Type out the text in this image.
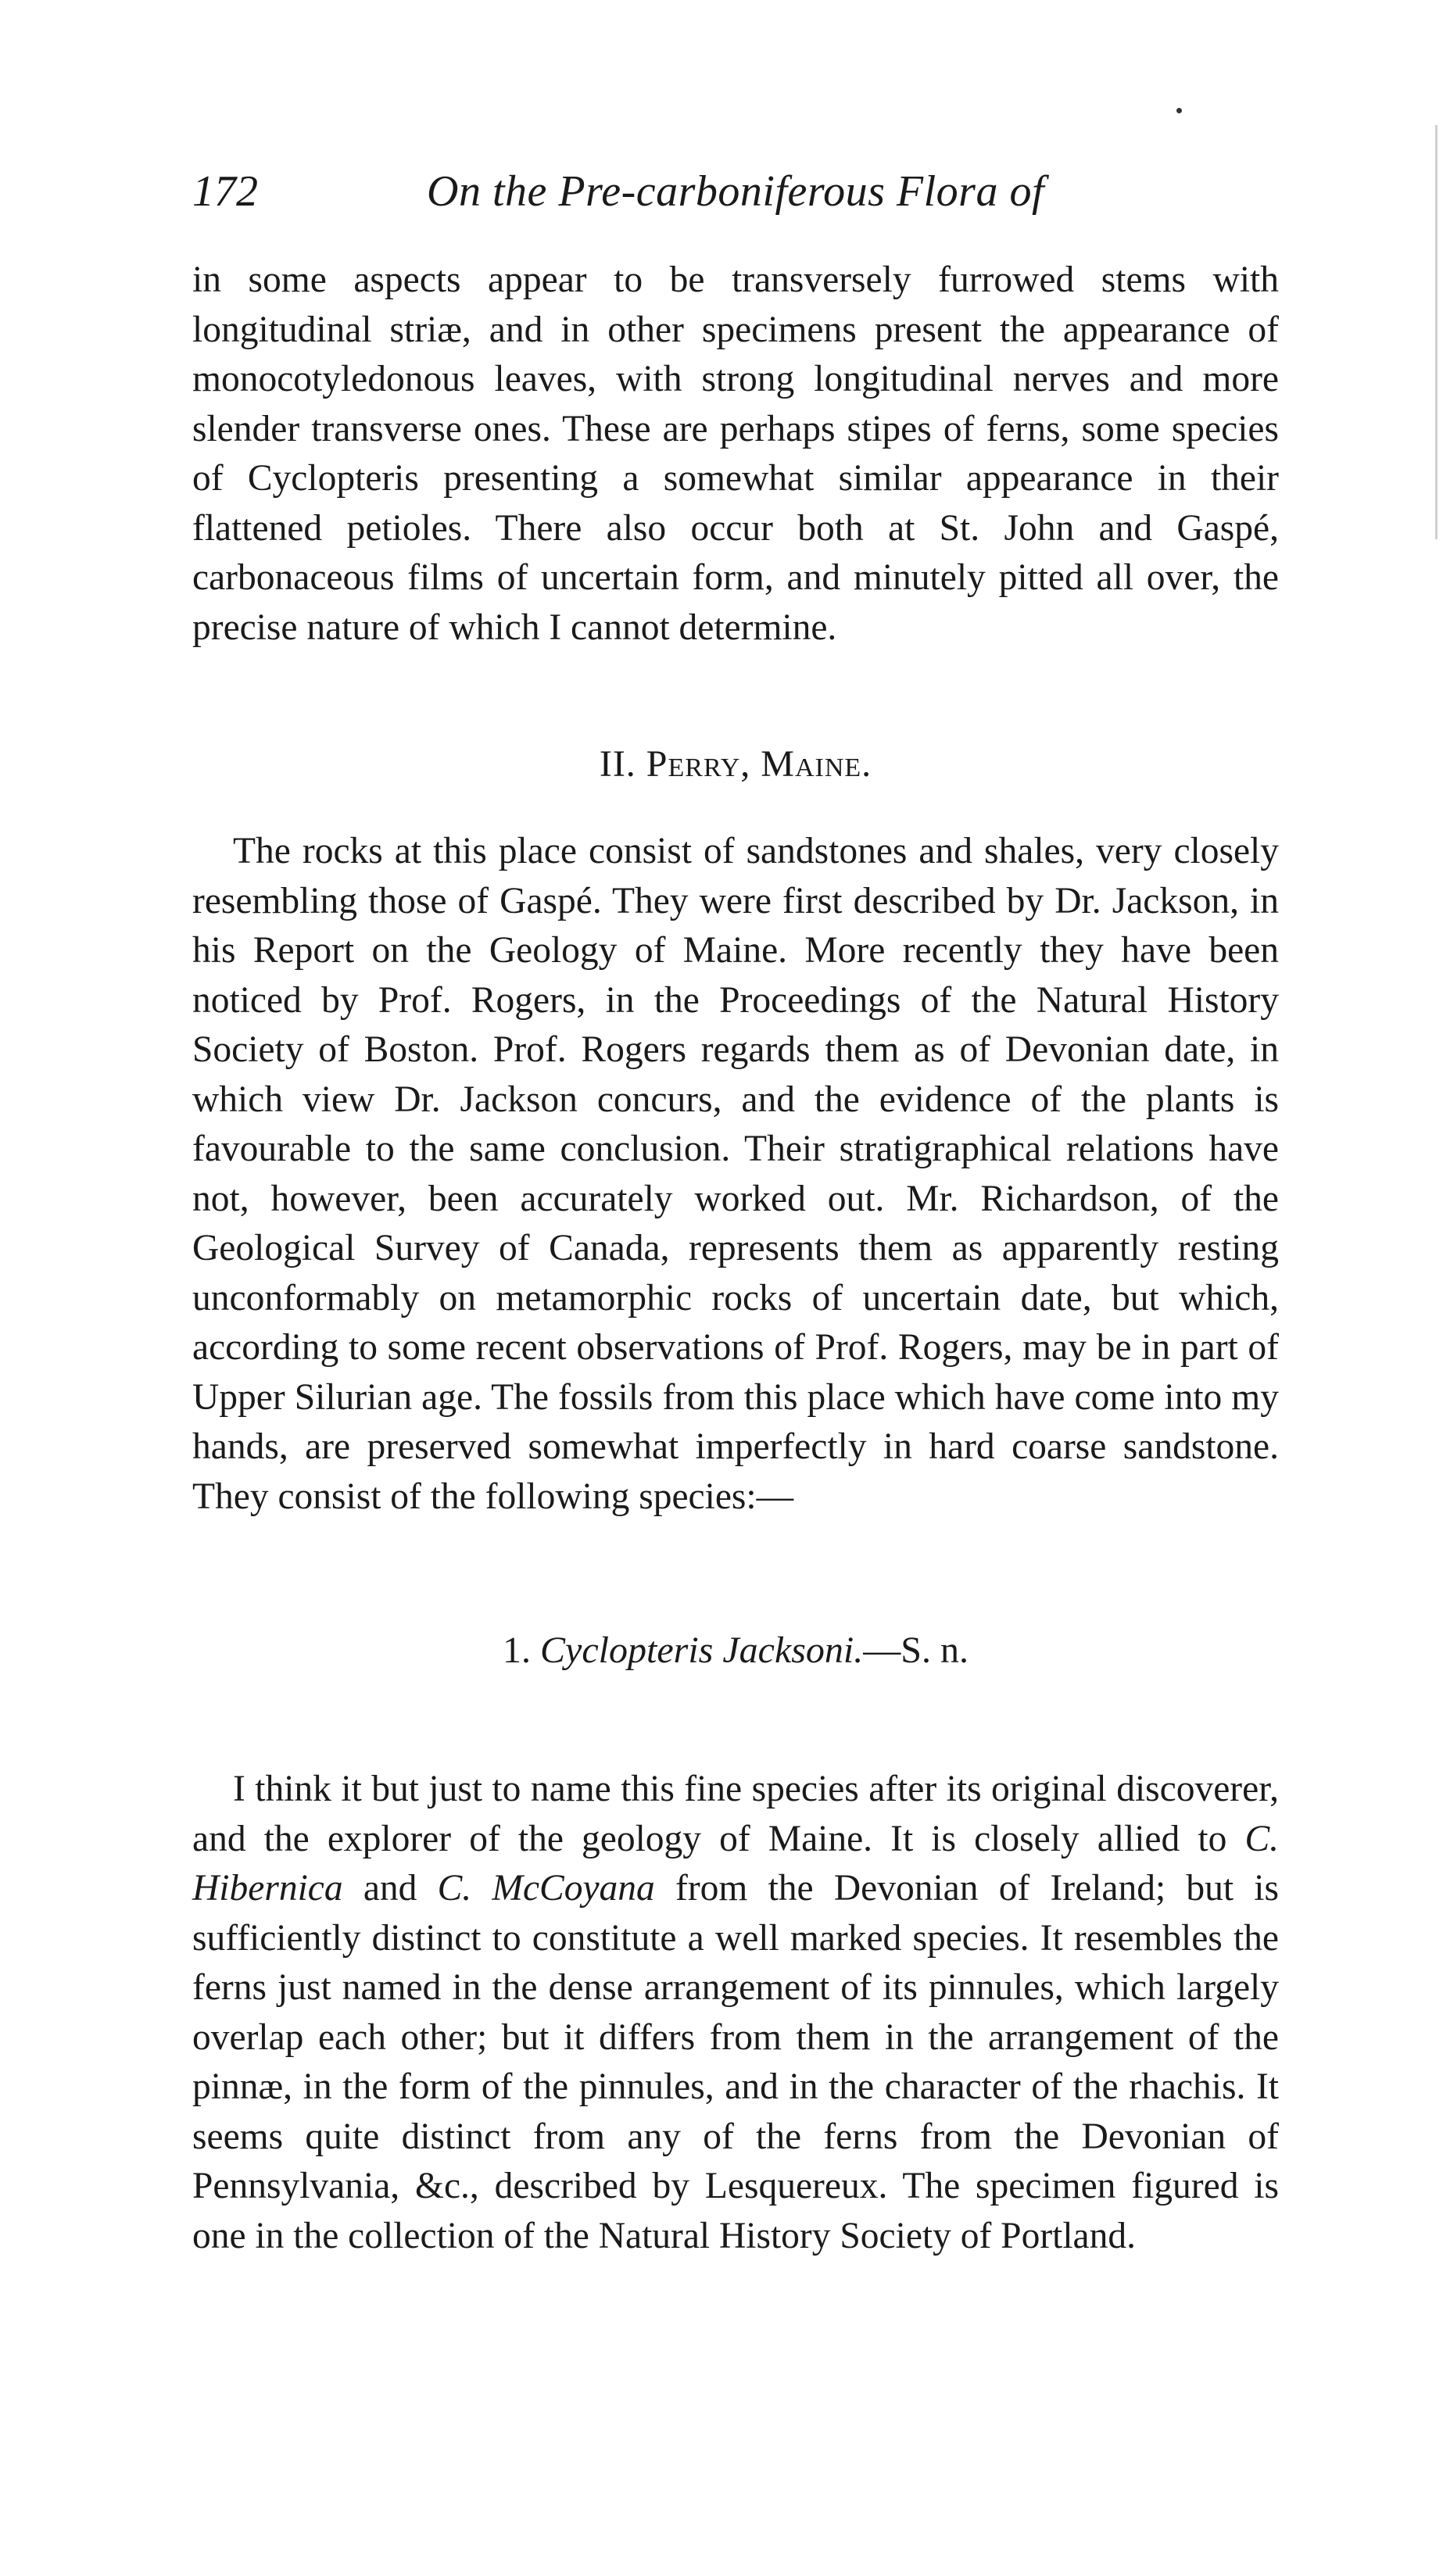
172	On the Pre-carboniferous Flora of

in some aspects appear to be transversely furrowed stems with longitudinal striæ, and in other specimens present the appearance of monocotyledonous leaves, with strong longitudinal nerves and more slender transverse ones. These are perhaps stipes of ferns, some species of Cyclopteris presenting a somewhat similar appearance in their flattened petioles. There also occur both at St. John and Gaspé, carbonaceous films of uncertain form, and minutely pitted all over, the precise nature of which I cannot determine.

II. Perry, Maine.

The rocks at this place consist of sandstones and shales, very closely resembling those of Gaspé. They were first described by Dr. Jackson, in his Report on the Geology of Maine. More recently they have been noticed by Prof. Rogers, in the Proceedings of the Natural History Society of Boston. Prof. Rogers regards them as of Devonian date, in which view Dr. Jackson concurs, and the evidence of the plants is favourable to the same conclusion. Their stratigraphical relations have not, however, been accurately worked out. Mr. Richardson, of the Geological Survey of Canada, represents them as apparently resting unconformably on metamorphic rocks of uncertain date, but which, according to some recent observations of Prof. Rogers, may be in part of Upper Silurian age. The fossils from this place which have come into my hands, are preserved somewhat imperfectly in hard coarse sandstone. They consist of the following species:—

1. Cyclopteris Jacksoni.—S. n.

I think it but just to name this fine species after its original discoverer, and the explorer of the geology of Maine. It is closely allied to C. Hibernica and C. McCoyana from the Devonian of Ireland; but is sufficiently distinct to constitute a well marked species. It resembles the ferns just named in the dense arrangement of its pinnules, which largely overlap each other; but it differs from them in the arrangement of the pinnæ, in the form of the pinnules, and in the character of the rhachis. It seems quite distinct from any of the ferns from the Devonian of Pennsylvania, &c., described by Lesquereux. The specimen figured is one in the collection of the Natural History Society of Portland.
